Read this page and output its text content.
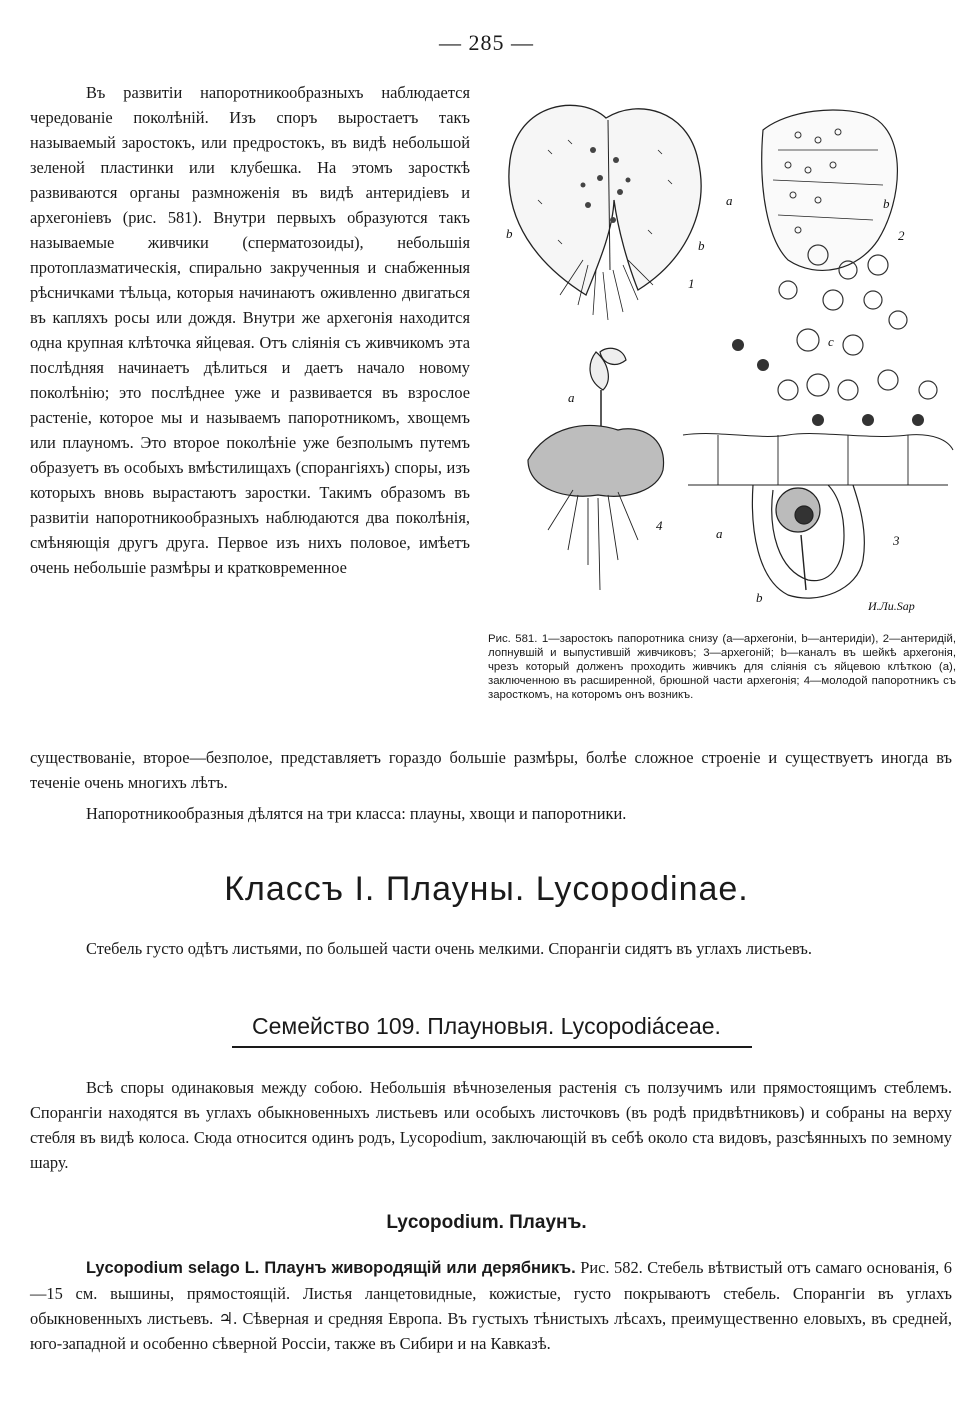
— 285 —

Въ развитіи напоротникообразныхъ наблюдается чередованіе поколѣній. Изъ споръ выростаетъ такъ называемый заростокъ, или предростокъ, въ видѣ небольшой зеленой пластинки или клубешка. На этомъ заросткѣ развиваются органы размноженія въ видѣ антеридіевъ и архегоніевъ (рис. 581). Внутри первыхъ образуются такъ называемые живчики (сперматозоиды), небольшія протоплазматическія, спирально закрученныя и снабженныя рѣсничками тѣльца, которыя начинаютъ оживленно двигаться въ капляхъ росы или дождя. Внутри же архегонія находится одна крупная клѣточка яйцевая. Отъ сліянія съ живчикомъ эта послѣдняя начинаетъ дѣлиться и даетъ начало новому поколѣнію; это послѣднее уже и развивается въ взрослое растеніе, которое мы и называемъ папоротникомъ, хвощемъ или плауномъ. Это второе поколѣніе уже безполымъ путемъ образуетъ въ особыхъ вмѣстилищахъ (спорангіяхъ) споры, изъ которыхъ вновь вырастаютъ заростки. Такимъ образомъ въ развитіи напоротникообразныхъ наблюдаются два поколѣнія, смѣняющія другъ друга. Первое изъ нихъ половое, имѣетъ очень небольшіе размѣры и кратковременное

a
b
b
1
b
2
c
a
4
a	3
b
И.Ли.Sap
Рис. 581. 1—заростокъ папоротника снизу (a—архегоніи, b—антеридіи), 2—антеридій, лопнувшій и выпустившій живчиковъ; 3—архегоній; b—каналъ въ шейкѣ архегонія, чрезъ который долженъ проходить живчикъ для сліянія съ яйцевою клѣткою (a), заключенною въ расширенной, брюшной части архегонія; 4—молодой папоротникъ съ заросткомъ, на которомъ онъ возникъ.

существованіе, второе—безполое, представляетъ гораздо большіе размѣры, болѣе сложное строеніе и существуетъ иногда въ теченіе очень многихъ лѣтъ.

Напоротникообразныя дѣлятся на три класса: плауны, хвощи и папоротники.
Классъ I. Плауны. Lycopodinae.
Стебель густо одѣтъ листьями, по большей части очень мелкими. Спорангіи сидятъ въ углахъ листьевъ.
Семейство 109. Плауновыя. Lycopodiáceae.
Всѣ споры одинаковыя между собою. Небольшія вѣчнозеленыя растенія съ ползучимъ или прямостоящимъ стеблемъ. Спорангіи находятся въ углахъ обыкновенныхъ листьевъ или особыхъ листочковъ (въ родѣ придвѣтниковъ) и собраны на верху стебля въ видѣ колоса. Сюда относится одинъ родъ, Lycopodium, заключающій въ себѣ около ста видовъ, разсѣянныхъ по земному шару.
Lycopodium. Плаунъ.
Lycopodium selago L. Плаунъ живородящій или дерябникъ. Рис. 582. Стебель вѣтвистый отъ самаго основанія, 6—15 см. вышины, прямостоящій. Листья ланцетовидные, кожистые, густо покрываютъ стебель. Спорангіи въ углахъ обыкновенныхъ листьевъ. ♃. Сѣверная и средняя Европа. Въ густыхъ тѣнистыхъ лѣсахъ, преимущественно еловыхъ, въ средней, юго-западной и особенно сѣверной Россіи, также въ Сибири и на Кавказѣ.
